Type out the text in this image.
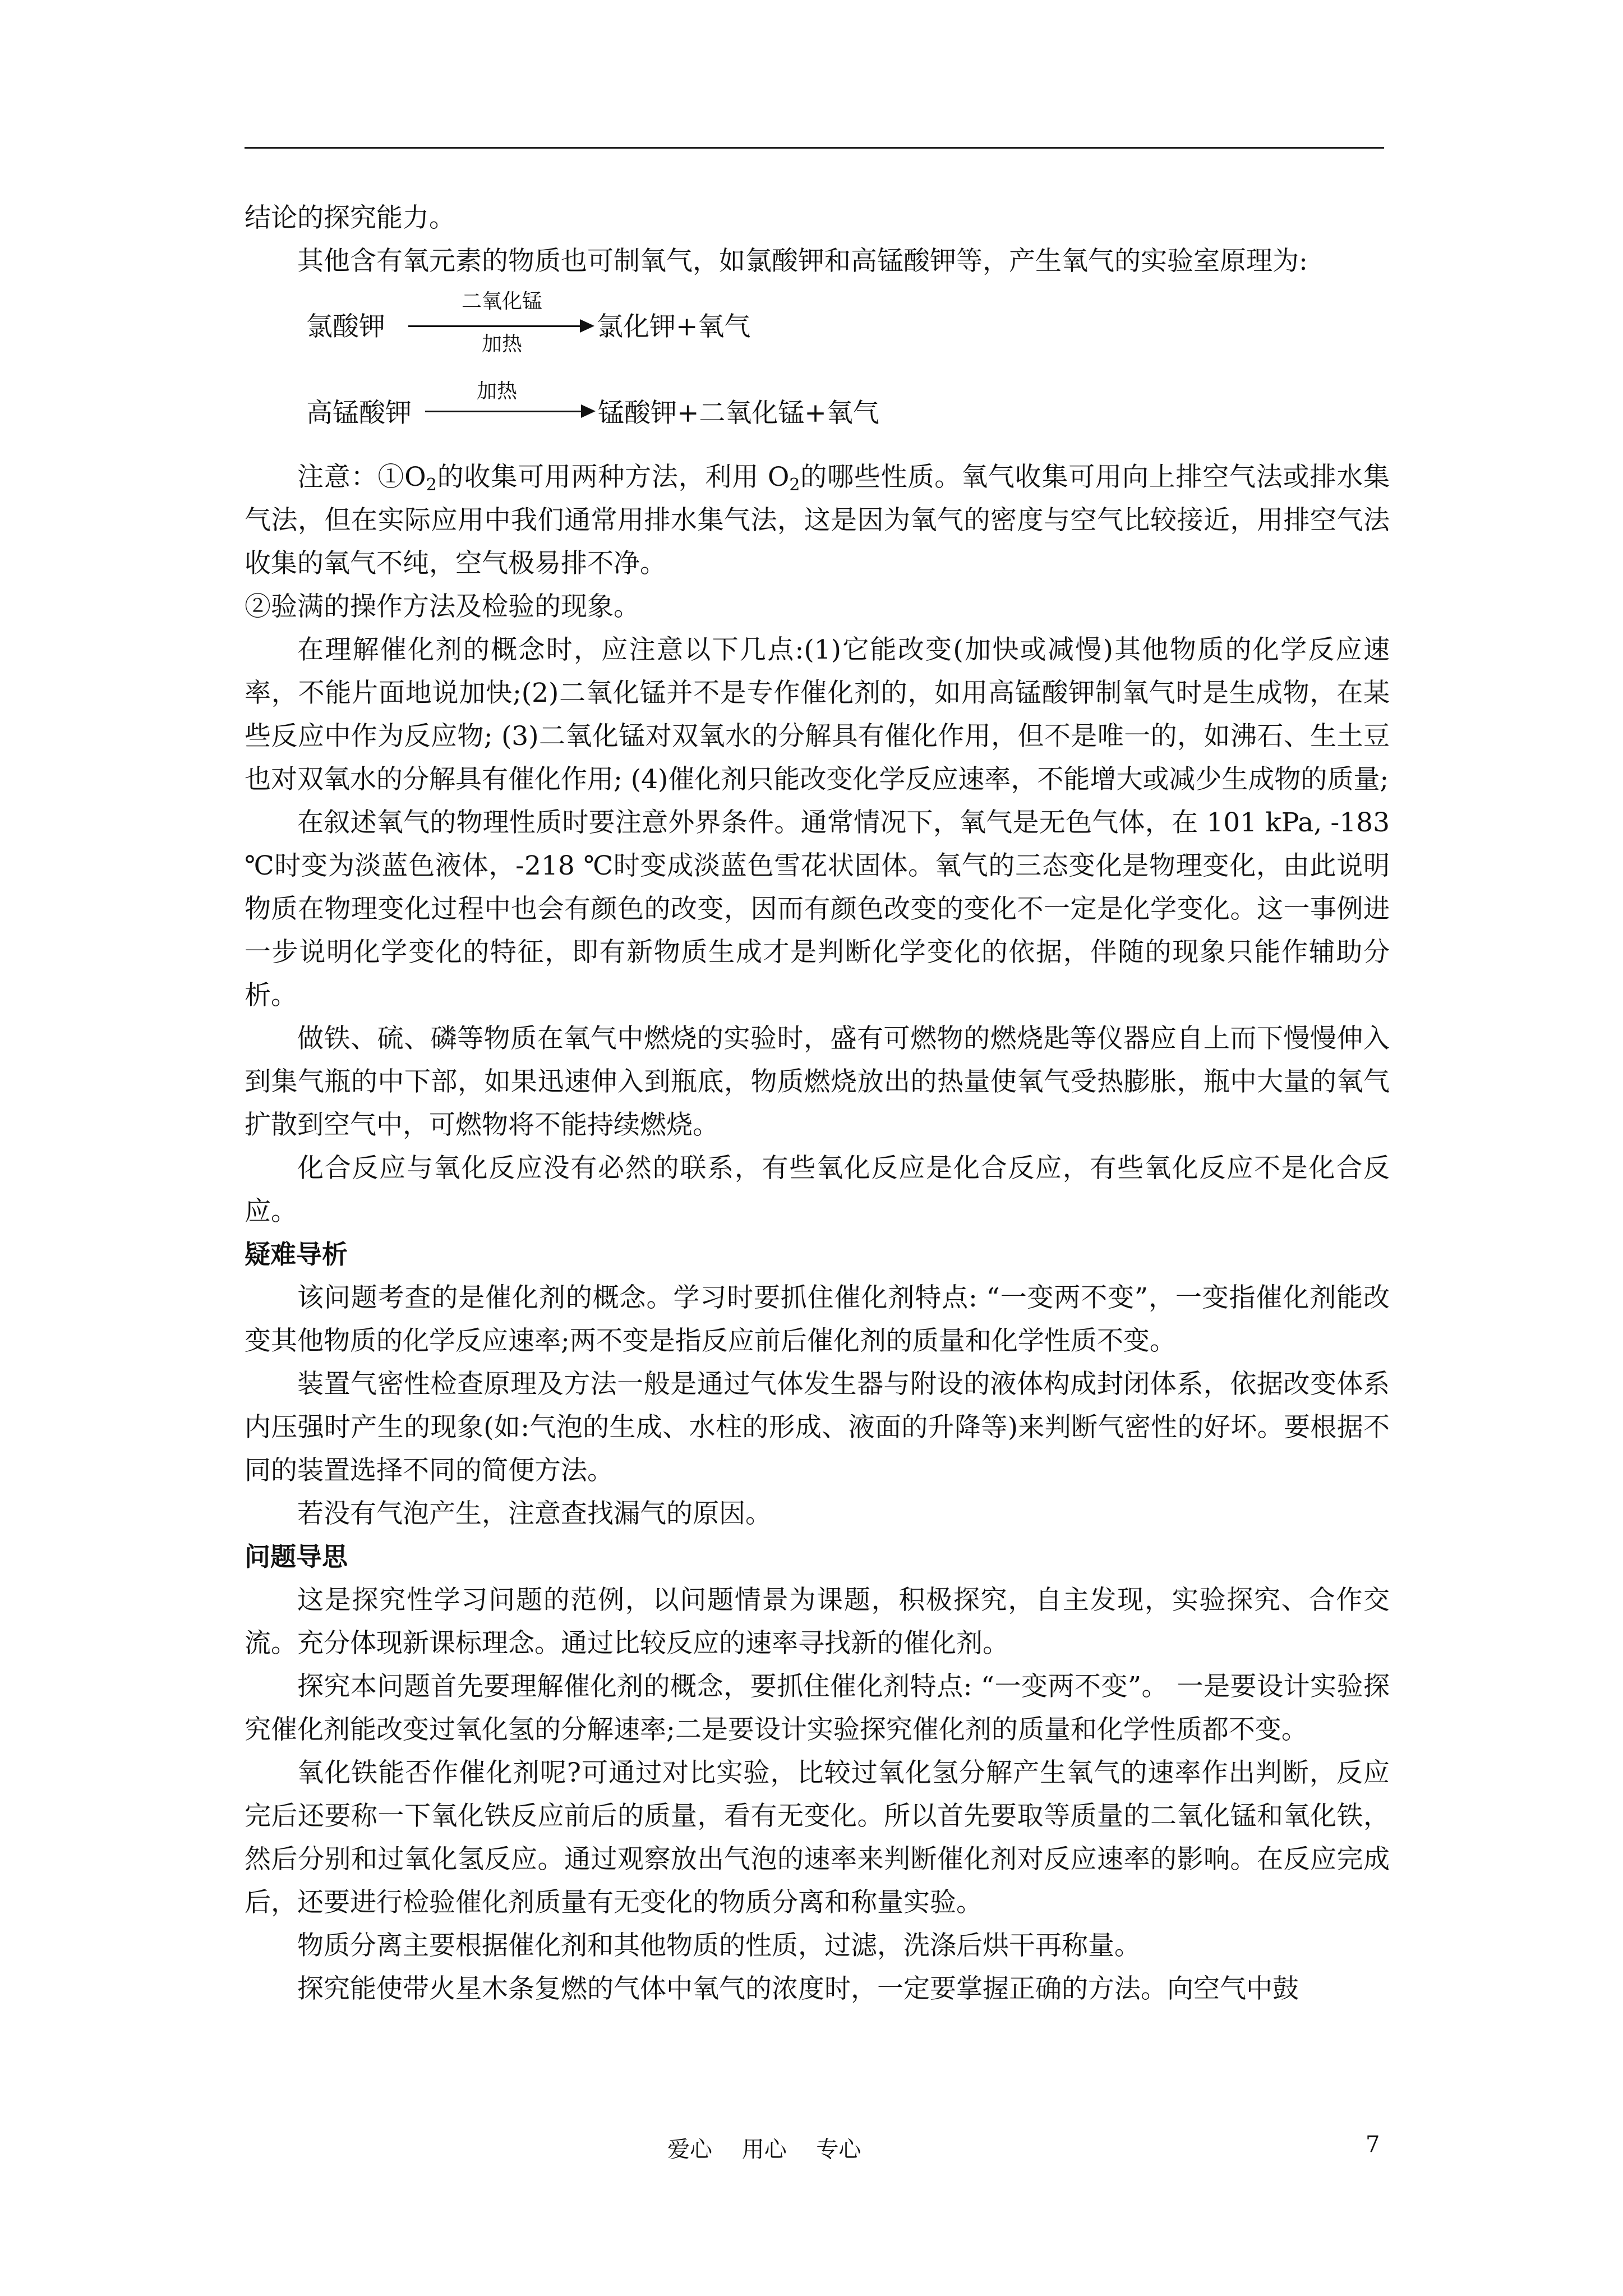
结论的探究能力。

其他含有氧元素的物质也可制氧气，如氯酸钾和高锰酸钾等，产生氧气的实验室原理为:

氯酸钾
二氧化锰
加热
氯化钾+氧气
高锰酸钾
加热
锰酸钾+二氧化锰+氧气

注意：$①O_2$的收集可用两种方法，利用 $O_2$的哪些性质。氧气收集可用向上排空气法或排水集气法，但在实际应用中我们通常用排水集气法，这是因为氧气的密度与空气比较接近，用排空气法收集的氧气不纯，空气极易排不净。

②验满的操作方法及检验的现象。

在理解催化剂的概念时，应注意以下几点:(1)它能改变(加快或减慢)其他物质的化学反应速率，不能片面地说加快;(2)二氧化锰并不是专作催化剂的，如用高锰酸钾制氧气时是生成物，在某些反应中作为反应物; (3)二氧化锰对双氧水的分解具有催化作用，但不是唯一的，如沸石、生土豆也对双氧水的分解具有催化作用; (4)催化剂只能改变化学反应速率，不能增大或减少生成物的质量;

在叙述氧气的物理性质时要注意外界条件。通常情况下，氧气是无色气体，在 101 kPa, -183 ℃时变为淡蓝色液体，-218 ℃时变成淡蓝色雪花状固体。氧气的三态变化是物理变化，由此说明物质在物理变化过程中也会有颜色的改变，因而有颜色改变的变化不一定是化学变化。这一事例进一步说明化学变化的特征，即有新物质生成才是判断化学变化的依据，伴随的现象只能作辅助分析。

做铁、硫、磷等物质在氧气中燃烧的实验时，盛有可燃物的燃烧匙等仪器应自上而下慢慢伸入到集气瓶的中下部，如果迅速伸入到瓶底，物质燃烧放出的热量使氧气受热膨胀，瓶中大量的氧气扩散到空气中，可燃物将不能持续燃烧。

化合反应与氧化反应没有必然的联系，有些氧化反应是化合反应，有些氧化反应不是化合反应。

疑难导析

该问题考查的是催化剂的概念。学习时要抓住催化剂特点: “一变两不变”，一变指催化剂能改变其他物质的化学反应速率;两不变是指反应前后催化剂的质量和化学性质不变。

装置气密性检查原理及方法一般是通过气体发生器与附设的液体构成封闭体系，依据改变体系内压强时产生的现象(如:气泡的生成、水柱的形成、液面的升降等)来判断气密性的好坏。要根据不同的装置选择不同的简便方法。

若没有气泡产生，注意查找漏气的原因。

问题导思

这是探究性学习问题的范例，以问题情景为课题，积极探究，自主发现，实验探究、合作交流。充分体现新课标理念。通过比较反应的速率寻找新的催化剂。

探究本问题首先要理解催化剂的概念，要抓住催化剂特点: “一变两不变”。 一是要设计实验探究催化剂能改变过氧化氢的分解速率;二是要设计实验探究催化剂的质量和化学性质都不变。

氧化铁能否作催化剂呢?可通过对比实验，比较过氧化氢分解产生氧气的速率作出判断，反应完后还要称一下氧化铁反应前后的质量，看有无变化。所以首先要取等质量的二氧化锰和氧化铁，然后分别和过氧化氢反应。通过观察放出气泡的速率来判断催化剂对反应速率的影响。在反应完成后，还要进行检验催化剂质量有无变化的物质分离和称量实验。

物质分离主要根据催化剂和其他物质的性质，过滤，洗涤后烘干再称量。

探究能使带火星木条复燃的气体中氧气的浓度时，一定要掌握正确的方法。向空气中鼓

爱心 用心 专心	7
